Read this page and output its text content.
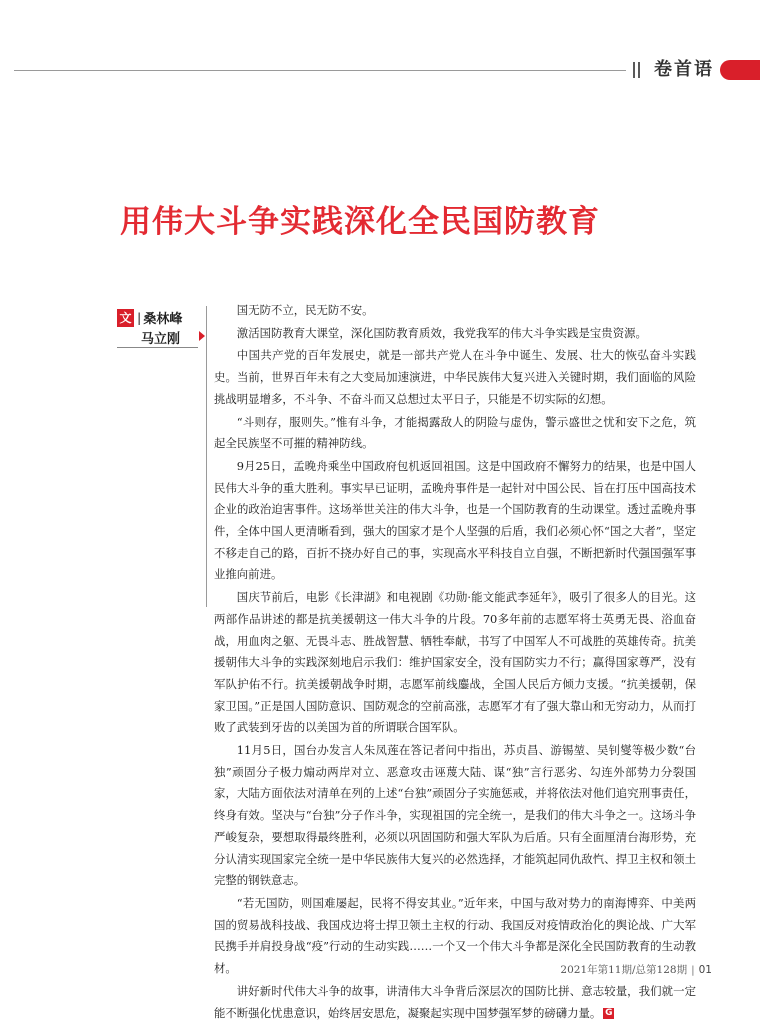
卷首语
用伟大斗争实践深化全民国防教育
文 | 桑林峰
马立刚

国无防不立，民无防不安。

激活国防教育大课堂，深化国防教育质效，我党我军的伟大斗争实践是宝贵资源。

中国共产党的百年发展史，就是一部共产党人在斗争中诞生、发展、壮大的恢弘奋斗实践史。当前，世界百年未有之大变局加速演进，中华民族伟大复兴进入关键时期，我们面临的风险挑战明显增多，不斗争、不奋斗而又总想过太平日子，只能是不切实际的幻想。

“斗则存，服则失。”惟有斗争，才能揭露敌人的阴险与虚伪，警示盛世之忧和安下之危，筑起全民族坚不可摧的精神防线。

9月25日，孟晚舟乘坐中国政府包机返回祖国。这是中国政府不懈努力的结果，也是中国人民伟大斗争的重大胜利。事实早已证明，孟晚舟事件是一起针对中国公民、旨在打压中国高技术企业的政治迫害事件。这场举世关注的伟大斗争，也是一个国防教育的生动课堂。透过孟晚舟事件，全体中国人更清晰看到，强大的国家才是个人坚强的后盾，我们必须心怀“国之大者”，坚定不移走自己的路，百折不挠办好自己的事，实现高水平科技自立自强，不断把新时代强国强军事业推向前进。

国庆节前后，电影《长津湖》和电视剧《功勋·能文能武李延年》，吸引了很多人的目光。这两部作品讲述的都是抗美援朝这一伟大斗争的片段。70多年前的志愿军将士英勇无畏、浴血奋战，用血肉之躯、无畏斗志、胜战智慧、牺牲奉献，书写了中国军人不可战胜的英雄传奇。抗美援朝伟大斗争的实践深刻地启示我们：维护国家安全，没有国防实力不行；赢得国家尊严，没有军队护佑不行。抗美援朝战争时期，志愿军前线鏖战，全国人民后方倾力支援。“抗美援朝，保家卫国。”正是国人国防意识、国防观念的空前高涨，志愿军才有了强大靠山和无穷动力，从而打败了武装到牙齿的以美国为首的所谓联合国军队。

11月5日，国台办发言人朱凤莲在答记者问中指出，苏贞昌、游锡堃、吴钊燮等极少数“台独”顽固分子极力煽动两岸对立、恶意攻击诬蔑大陆、谋“独”言行恶劣、勾连外部势力分裂国家，大陆方面依法对清单在列的上述“台独”顽固分子实施惩戒，并将依法对他们追究刑事责任，终身有效。坚决与“台独”分子作斗争，实现祖国的完全统一，是我们的伟大斗争之一。这场斗争严峻复杂，要想取得最终胜利，必须以巩固国防和强大军队为后盾。只有全面厘清台海形势，充分认清实现国家完全统一是中华民族伟大复兴的必然选择，才能筑起同仇敌忾、捍卫主权和领土完整的钢铁意志。

“若无国防，则国难屡起，民将不得安其业。”近年来，中国与敌对势力的南海博弈、中美两国的贸易战科技战、我国戍边将士捍卫领土主权的行动、我国反对疫情政治化的舆论战、广大军民携手并肩投身战“疫”行动的生动实践……一个又一个伟大斗争都是深化全民国防教育的生动教材。

讲好新时代伟大斗争的故事，讲清伟大斗争背后深层次的国防比拼、意志较量，我们就一定能不断强化忧患意识，始终居安思危，凝聚起实现中国梦强军梦的磅礴力量。 G

2021年第11期/总第128期 | 01
